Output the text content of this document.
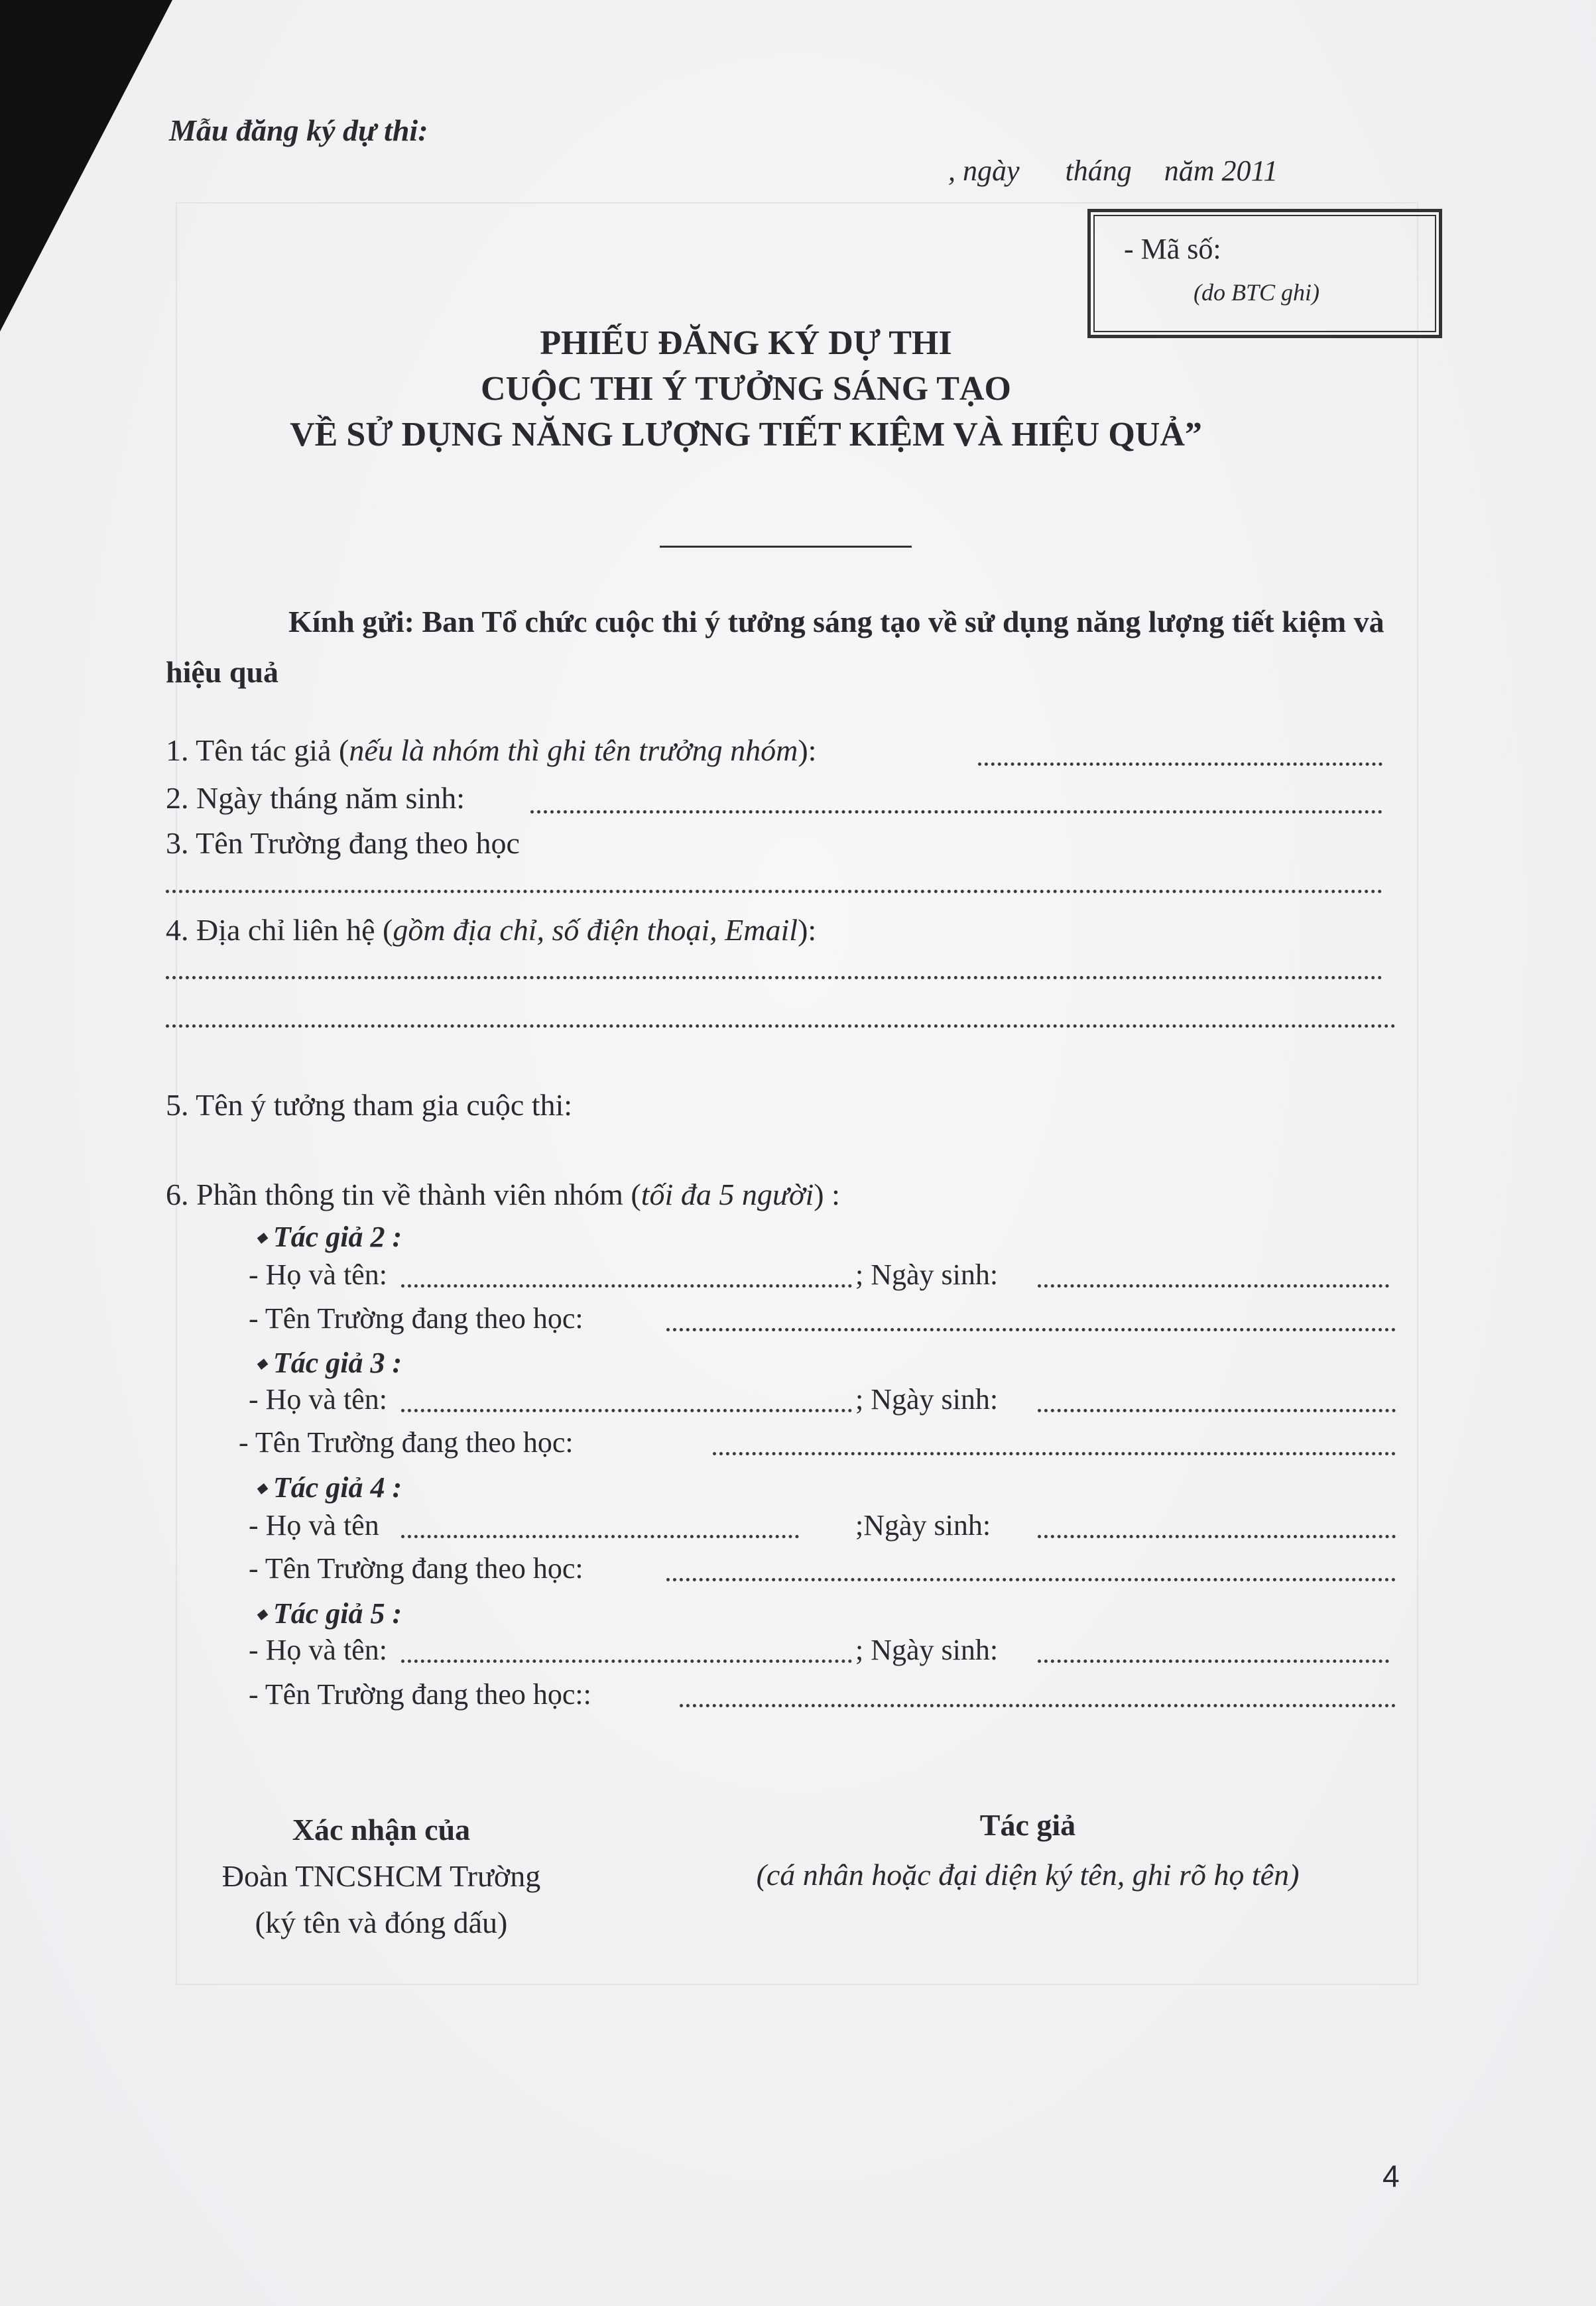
Mẫu đăng ký dự thi:
, ngày tháng năm 2011
- Mã số:
(do BTC ghi)
PHIẾU ĐĂNG KÝ DỰ THI
CUỘC THI Ý TƯỞNG SÁNG TẠO
VỀ SỬ DỤNG NĂNG LƯỢNG TIẾT KIỆM VÀ HIỆU QUẢ”
Kính gửi: Ban Tổ chức cuộc thi ý tưởng sáng tạo về sử dụng năng lượng tiết kiệm và hiệu quả
1. Tên tác giả (nếu là nhóm thì ghi tên trưởng nhóm):
2. Ngày tháng năm sinh:
3. Tên Trường đang theo học
4. Địa chỉ liên hệ (gồm địa chỉ, số điện thoại, Email):
5. Tên ý tưởng tham gia cuộc thi:
6. Phần thông tin về thành viên nhóm (tối đa 5 người) :
⬩ Tác giả 2 :
- Họ và tên:	; Ngày sinh:
- Tên Trường đang theo học:
⬩ Tác giả 3 :
- Họ và tên:	; Ngày sinh:
- Tên Trường đang theo học:
⬩ Tác giả 4 :
- Họ và tên	;Ngày sinh:
- Tên Trường đang theo học:
⬩ Tác giả 5 :
- Họ và tên:	; Ngày sinh:
- Tên Trường đang theo học::
Xác nhận của
Đoàn TNCSHCM Trường
(ký tên và đóng dấu)
Tác giả
(cá nhân hoặc đại diện ký tên, ghi rõ họ tên)
4
